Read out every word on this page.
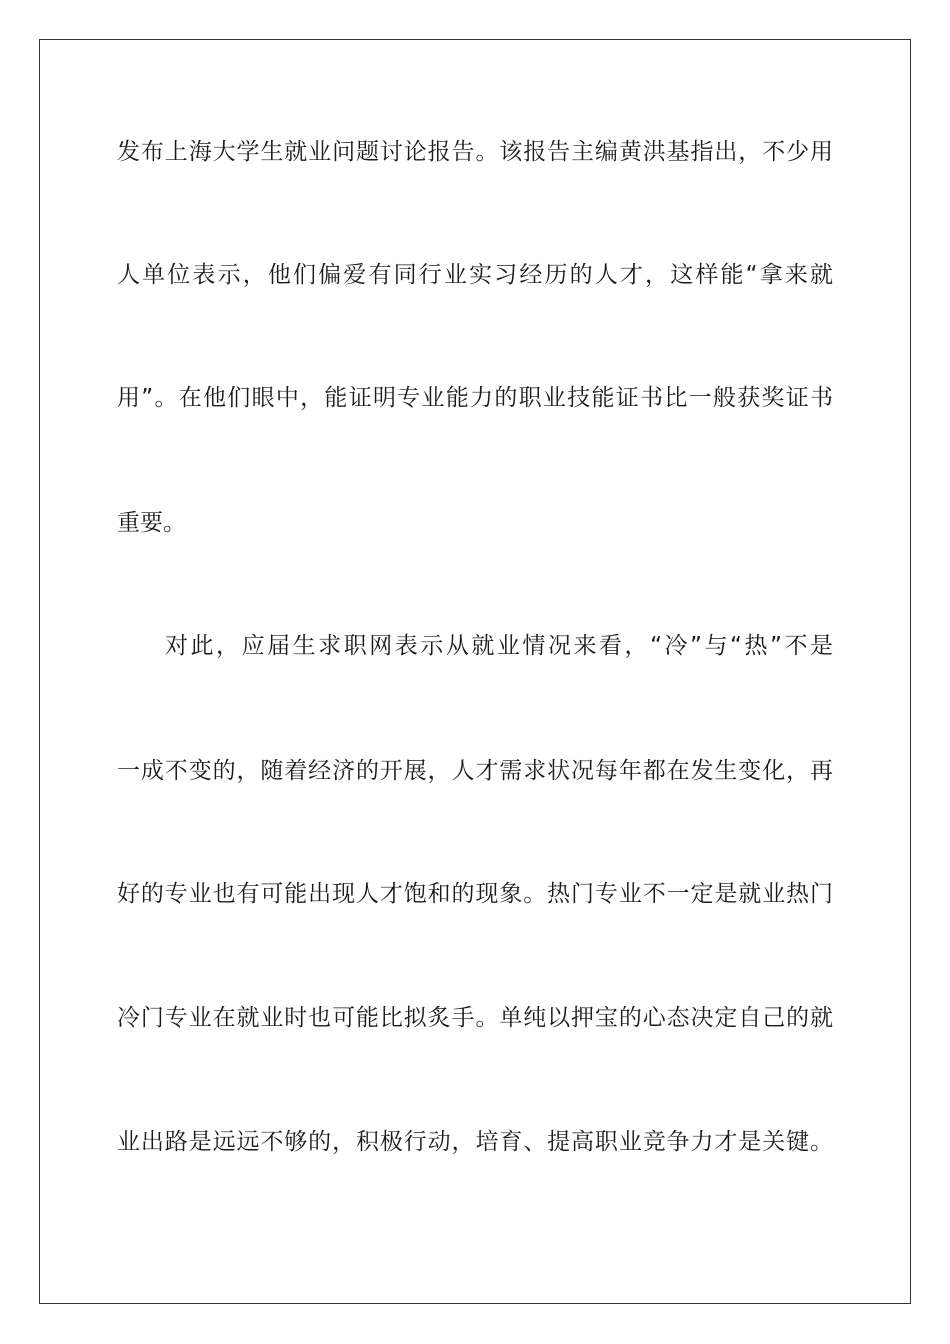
发布上海大学生就业问题讨论报告。该报告主编黄洪基指出，不少用
人单位表示，他们偏爱有同行业实习经历的人才，这样能“拿来就
用”。在他们眼中，能证明专业能力的职业技能证书比一般获奖证书
重要。
对此，应届生求职网表示从就业情况来看，“冷”与“热”不是
一成不变的，随着经济的开展，人才需求状况每年都在发生变化，再
好的专业也有可能出现人才饱和的现象。热门专业不一定是就业热门
冷门专业在就业时也可能比拟炙手。单纯以押宝的心态决定自己的就
业出路是远远不够的，积极行动，培育、提高职业竞争力才是关键。
